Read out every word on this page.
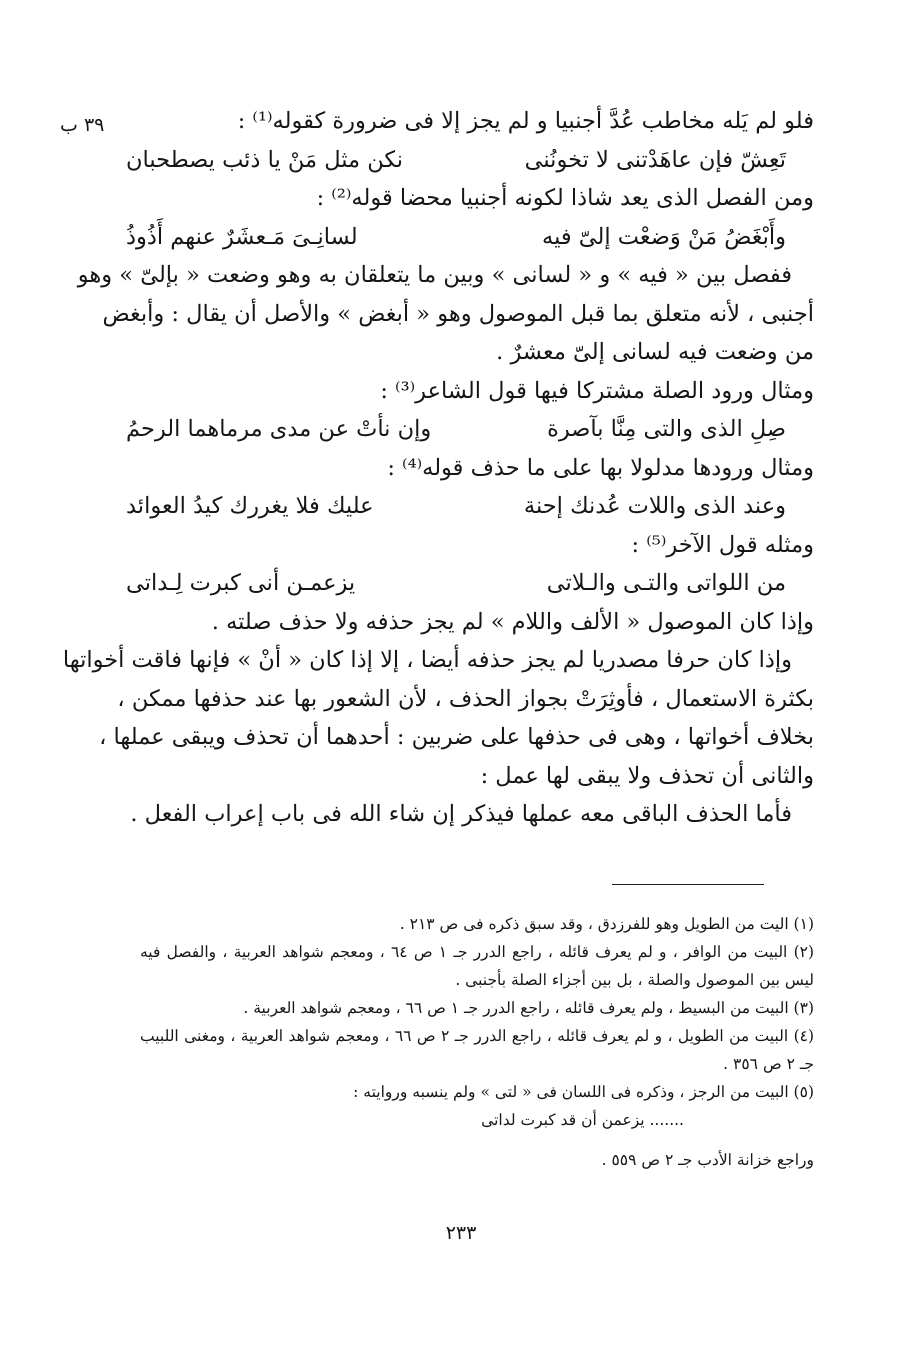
٣٩ ب	فلو لم يَله مخاطب عُدَّ أجنبيا و لم يجز إلا فى ضرورة كقوله⁽¹⁾ :
تَعِشّ فإن عاهَدْتنى لا تخونُنى
نكن مثل مَنْ يا ذئب يصطحبان
ومن الفصل الذى يعد شاذا لكونه أجنبيا محضا قوله⁽²⁾ :
وأَبْغَضُ مَنْ وَضعْت إلىّ فيه
لسانِـىَ مَـعشَرٌ عنهم أَذُوذُ
ففصل بين « فيه » و « لسانى » وبين ما يتعلقان به وهو وضعت « بإلىّ » وهو
أجنبى ، لأنه متعلق بما قبل الموصول وهو « أبغض » والأصل أن يقال : وأبغض
من وضعت فيه لسانى إلىّ معشرٌ .
ومثال ورود الصلة مشتركا فيها قول الشاعر⁽³⁾ :
صِلِ الذى والتى مِنَّا بآصرة
وإن نأتْ عن مدى مرماهما الرحمُ
ومثال ورودها مدلولا بها على ما حذف قوله⁽⁴⁾ :
وعند الذى واللات عُدنك إحنة
عليك فلا يغررك كيدُ العوائد
ومثله قول الآخر⁽⁵⁾ :
من اللواتى والتـى والـلاتى
يزعمـن أنى كبرت لِـداتى
وإذا كان الموصول « الألف واللام » لم يجز حذفه ولا حذف صلته .
وإذا كان حرفا مصدريا لم يجز حذفه أيضا ، إلا إذا كان « أنْ » فإنها فاقت أخواتها
بكثرة الاستعمال ، فأوثِرَتْ بجواز الحذف ، لأن الشعور بها عند حذفها ممكن ،
بخلاف أخواتها ، وهى فى حذفها على ضربين : أحدهما أن تحذف ويبقى عملها ،
والثانى أن تحذف ولا يبقى لها عمل :
فأما الحذف الباقى معه عملها فيذكر إن شاء الله فى باب إعراب الفعل .
(١) اليت من الطويل وهو للفرزدق ، وقد سبق ذكره فى ص ٢١٣ .
(٢) البيت من الوافر ، و لم يعرف قائله ، راجع الدرر جـ ١ ص ٦٤ ، ومعجم شواهد العربية ، والفصل فيه
ليس بين الموصول والصلة ، بل بين أجزاء الصلة بأجنبى .
(٣) البيت من البسيط ، ولم يعرف قائله ، راجع الدرر جـ ١ ص ٦٦ ، ومعجم شواهد العربية .
(٤) البيت من الطويل ، و لم يعرف قائله ، راجع الدرر جـ ٢ ص ٦٦ ، ومعجم شواهد العربية ، ومغنى اللبيب
جـ ٢ ص ٣٥٦ .
(٥) البيت من الرجز ، وذكره فى اللسان فى « لتى » ولم ينسبه وروايته :
....... يزعمن أن قد كبرت لداتى
وراجع خزانة الأدب جـ ٢ ص ٥٥٩ .
٢٣٣
